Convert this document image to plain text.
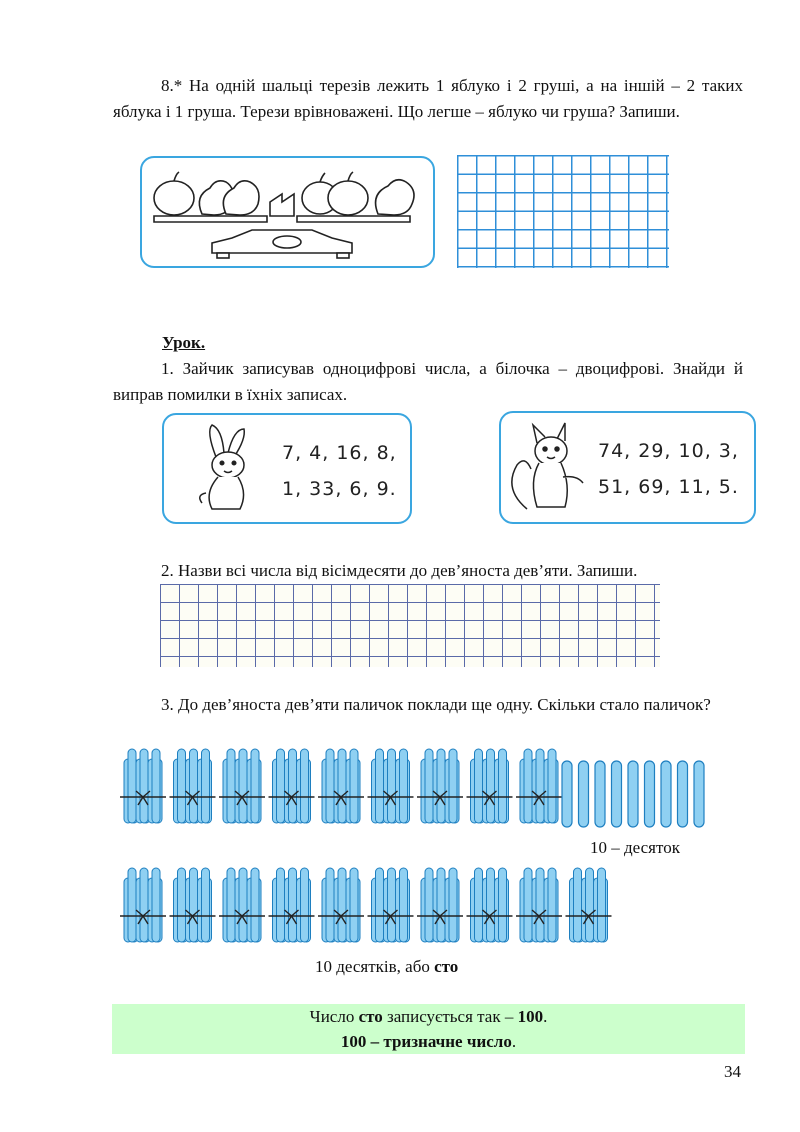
8.* На одній шальці терезів лежить 1 яблуко і 2 груші, а на іншій – 2 таких яблука і 1 груша. Терези врівноважені. Що легше – яблуко чи груша? Запиши.
Урок.
1. Зайчик записував одноцифрові числа, а білочка – двоцифрові. Знайди й виправ помилки в їхніх записах.
7, 4, 16, 8,
1, 33, 6, 9.
74, 29, 10, 3,
51, 69, 11, 5.
2. Назви всі числа від вісімдесяти до дев’яноста дев’яти. Запиши.
3. До дев’яноста дев’яти паличок поклади ще одну. Скільки стало паличок?
10 – десяток
10 десятків, або сто
Число сто записується так – 100.
100 – тризначне число.
34
